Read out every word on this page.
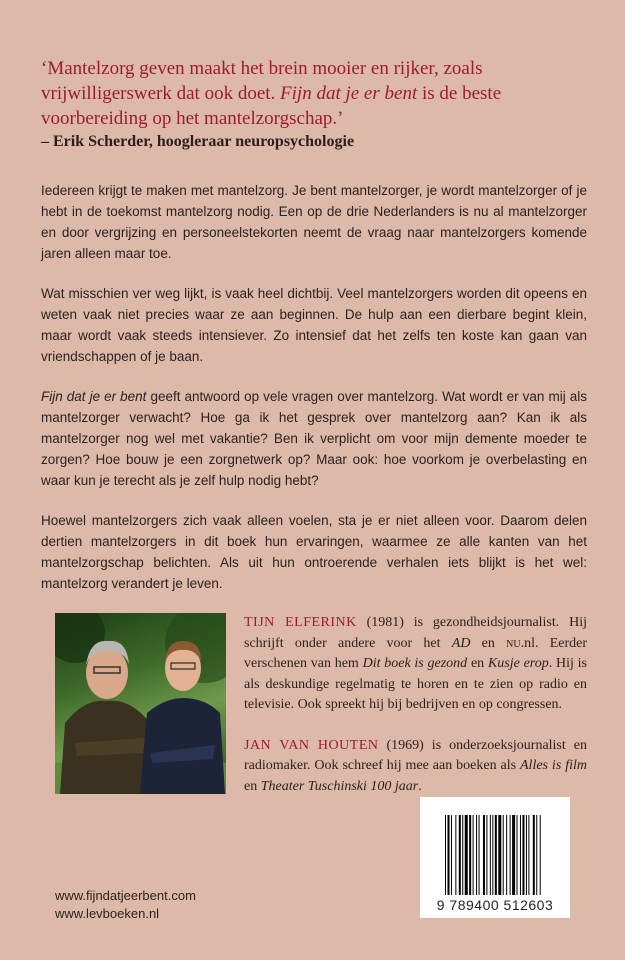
‘Mantelzorg geven maakt het brein mooier en rijker, zoals vrijwilligerswerk dat ook doet. Fijn dat je er bent is de beste voorbereiding op het mantelzorgschap.’
– Erik Scherder, hoogleraar neuropsychologie

Iedereen krijgt te maken met mantelzorg. Je bent mantelzorger, je wordt mantelzorger of je hebt in de toekomst mantelzorg nodig. Een op de drie Nederlanders is nu al mantelzorger en door vergrijzing en personeelstekorten neemt de vraag naar mantelzorgers komende jaren alleen maar toe.

Wat misschien ver weg lijkt, is vaak heel dichtbij. Veel mantelzorgers worden dit opeens en weten vaak niet precies waar ze aan beginnen. De hulp aan een dierbare begint klein, maar wordt vaak steeds intensiever. Zo intensief dat het zelfs ten koste kan gaan van vriendschappen of je baan.

Fijn dat je er bent geeft antwoord op vele vragen over mantelzorg. Wat wordt er van mij als mantelzorger verwacht? Hoe ga ik het gesprek over mantelzorg aan? Kan ik als mantelzorger nog wel met vakantie? Ben ik verplicht om voor mijn demente moeder te zorgen? Hoe bouw je een zorgnetwerk op? Maar ook: hoe voorkom je overbelasting en waar kun je terecht als je zelf hulp nodig hebt?

Hoewel mantelzorgers zich vaak alleen voelen, sta je er niet alleen voor. Daarom delen dertien mantelzorgers in dit boek hun ervaringen, waarmee ze alle kanten van het mantelzorgschap belichten. Als uit hun ontroerende verhalen iets blijkt is het wel: mantelzorg verandert je leven.

TIJN ELFERINK (1981) is gezondheidsjournalist. Hij schrijft onder andere voor het AD en nu.nl. Eerder verschenen van hem Dit boek is gezond en Kusje erop. Hij is als deskundige regelmatig te horen en te zien op radio en televisie. Ook spreekt hij bij bedrijven en op congressen.
JAN VAN HOUTEN (1969) is onderzoeksjournalist en radiomaker. Ook schreef hij mee aan boeken als Alles is film en Theater Tuschinski 100 jaar.
9 789400 512603
www.fijndatjeerbent.com
www.levboeken.nl
